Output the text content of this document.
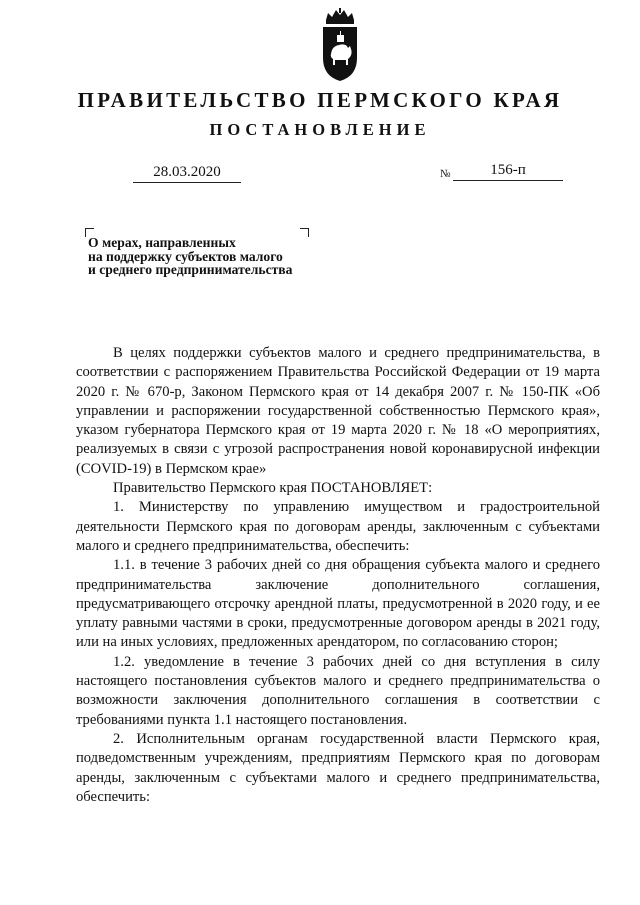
ПРАВИТЕЛЬСТВО ПЕРМСКОГО КРАЯ
ПОСТАНОВЛЕНИЕ
28.03.2020	№	156-п
О мерах, направленных
на поддержку субъектов малого
и среднего предпринимательства

В целях поддержки субъектов малого и среднего предпринимательства, в соответствии с распоряжением Правительства Российской Федерации от 19 марта 2020 г. № 670-р, Законом Пермского края от 14 декабря 2007 г. № 150-ПК «Об управлении и распоряжении государственной собственностью Пермского края», указом губернатора Пермского края от 19 марта 2020 г. № 18 «О мероприятиях, реализуемых в связи с угрозой распространения новой коронавирусной инфекции (COVID-19) в Пермском крае»

Правительство Пермского края ПОСТАНОВЛЯЕТ:

1. Министерству по управлению имуществом и градостроительной деятельности Пермского края по договорам аренды, заключенным с субъектами малого и среднего предпринимательства, обеспечить:

1.1. в течение 3 рабочих дней со дня обращения субъекта малого и среднего предпринимательства заключение дополнительного соглашения, предусматривающего отсрочку арендной платы, предусмотренной в 2020 году, и ее уплату равными частями в сроки, предусмотренные договором аренды в 2021 году, или на иных условиях, предложенных арендатором, по согласованию сторон;

1.2. уведомление в течение 3 рабочих дней со дня вступления в силу настоящего постановления субъектов малого и среднего предпринимательства о возможности заключения дополнительного соглашения в соответствии с требованиями пункта 1.1 настоящего постановления.

2. Исполнительным органам государственной власти Пермского края, подведомственным учреждениям, предприятиям Пермского края по договорам аренды, заключенным с субъектами малого и среднего предпринимательства, обеспечить:
